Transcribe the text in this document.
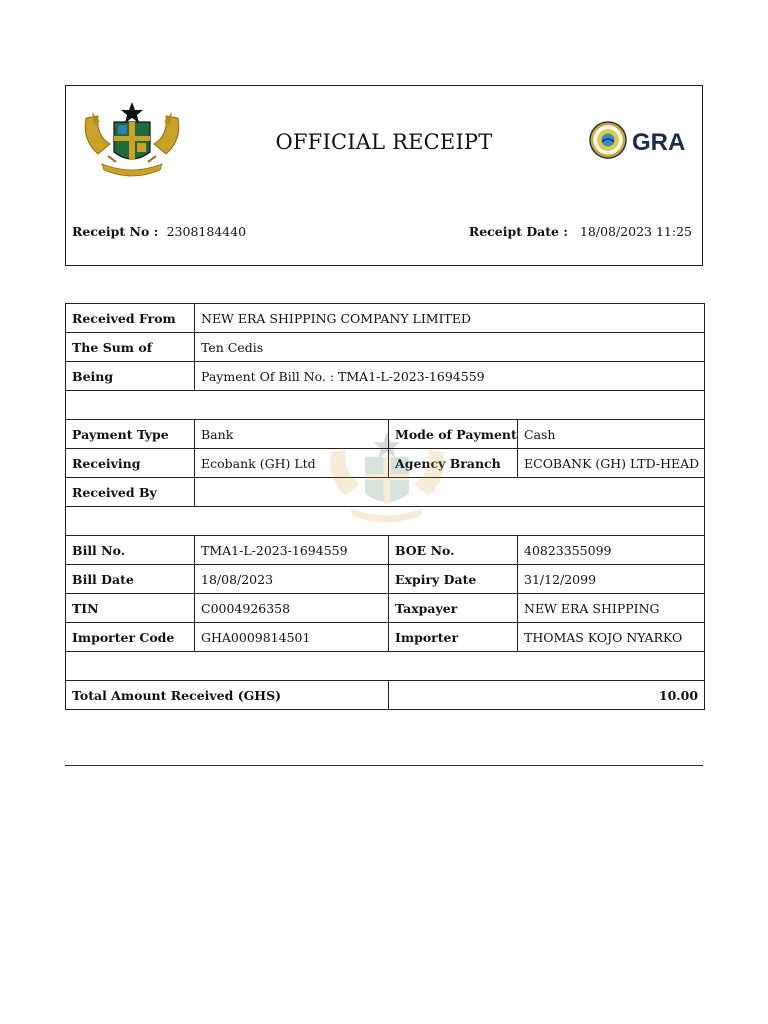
OFFICIAL RECEIPT	GRA
Receipt No : 2308184440	Receipt Date : 18/08/2023 11:25
Received From	NEW ERA SHIPPING COMPANY LIMITED		
The Sum of	Ten Cedis		
Being	Payment Of Bill No. : TMA1-L-2023-1694559		

Payment Type	Bank	Mode of Payment	Cash
Receiving	Ecobank (GH) Ltd	Agency Branch	ECOBANK (GH) LTD-HEAD
Received By			

Bill No.	TMA1-L-2023-1694559	BOE No.	40823355099
Bill Date	18/08/2023	Expiry Date	31/12/2099
TIN	C0004926358	Taxpayer	NEW ERA SHIPPING
Importer Code	GHA0009814501	Importer	THOMAS KOJO NYARKO

Total Amount Received (GHS)		10.00	
